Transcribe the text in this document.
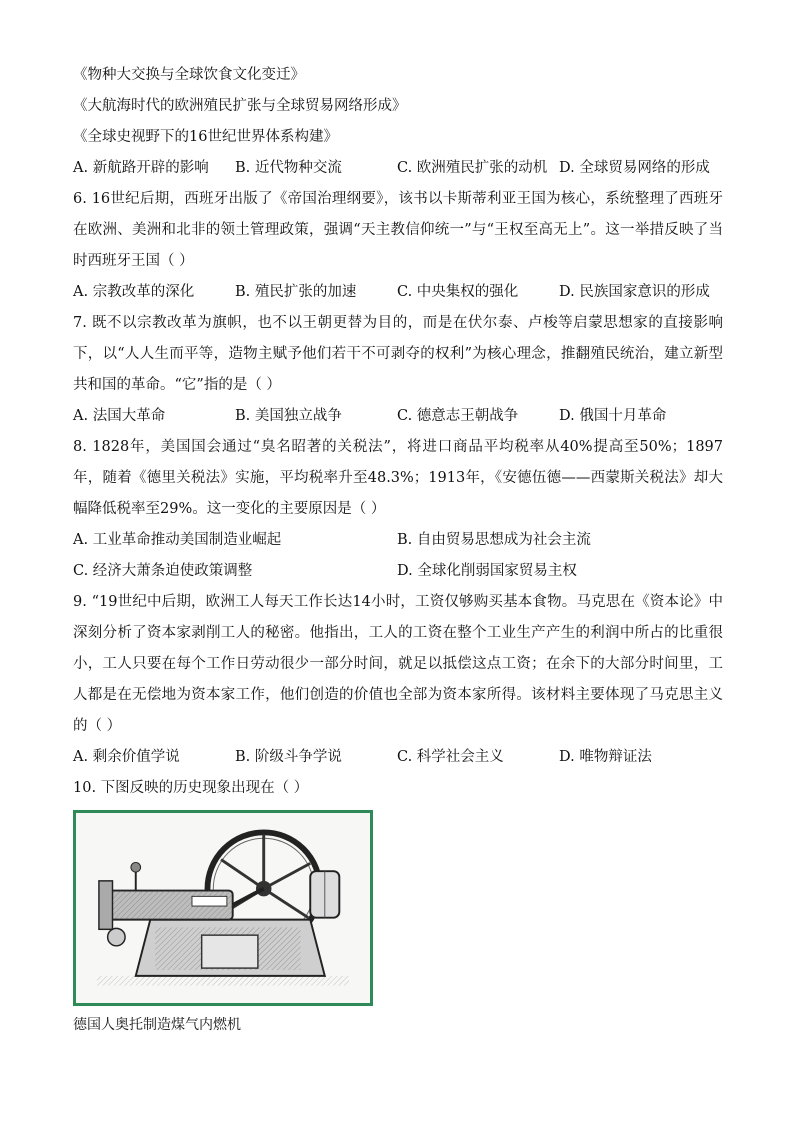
《物种大交换与全球饮食文化变迁》
《大航海时代的欧洲殖民扩张与全球贸易网络形成》
《全球史视野下的16世纪世界体系构建》
A. 新航路开辟的影响	B. 近代物种交流	C. 欧洲殖民扩张的动机 D. 全球贸易网络的形成
6. 16世纪后期，西班牙出版了《帝国治理纲要》，该书以卡斯蒂利亚王国为核心，系统整理了西班牙在欧洲、美洲和北非的领土管理政策，强调“天主教信仰统一”与“王权至高无上”。这一举措反映了当时西班牙王国（ ）
A. 宗教改革的深化	B. 殖民扩张的加速	C. 中央集权的强化	D. 民族国家意识的形成
7. 既不以宗教改革为旗帜，也不以王朝更替为目的，而是在伏尔泰、卢梭等启蒙思想家的直接影响下，以“人人生而平等，造物主赋予他们若干不可剥夺的权利”为核心理念，推翻殖民统治，建立新型共和国的革命。“它”指的是（ ）
A. 法国大革命	B. 美国独立战争	C. 德意志王朝战争	D. 俄国十月革命
8. 1828年，美国国会通过“臭名昭著的关税法”，将进口商品平均税率从40%提高至50%；1897年，随着《德里关税法》实施，平均税率升至48.3%；1913年，《安德伍德——西蒙斯关税法》却大幅降低税率至29%。这一变化的主要原因是（ ）
A. 工业革命推动美国制造业崛起	B. 自由贸易思想成为社会主流
C. 经济大萧条迫使政策调整	D. 全球化削弱国家贸易主权
9. “19世纪中后期，欧洲工人每天工作长达14小时，工资仅够购买基本食物。马克思在《资本论》中深刻分析了资本家剥削工人的秘密。他指出，工人的工资在整个工业生产产生的利润中所占的比重很小，工人只要在每个工作日劳动很少一部分时间，就足以抵偿这点工资；在余下的大部分时间里，工人都是在无偿地为资本家工作，他们创造的价值也全部为资本家所得。该材料主要体现了马克思主义的（ ）
A. 剩余价值学说	B. 阶级斗争学说	C. 科学社会主义	D. 唯物辩证法
10. 下图反映的历史现象出现在（ ）
德国人奥托制造煤气内燃机
